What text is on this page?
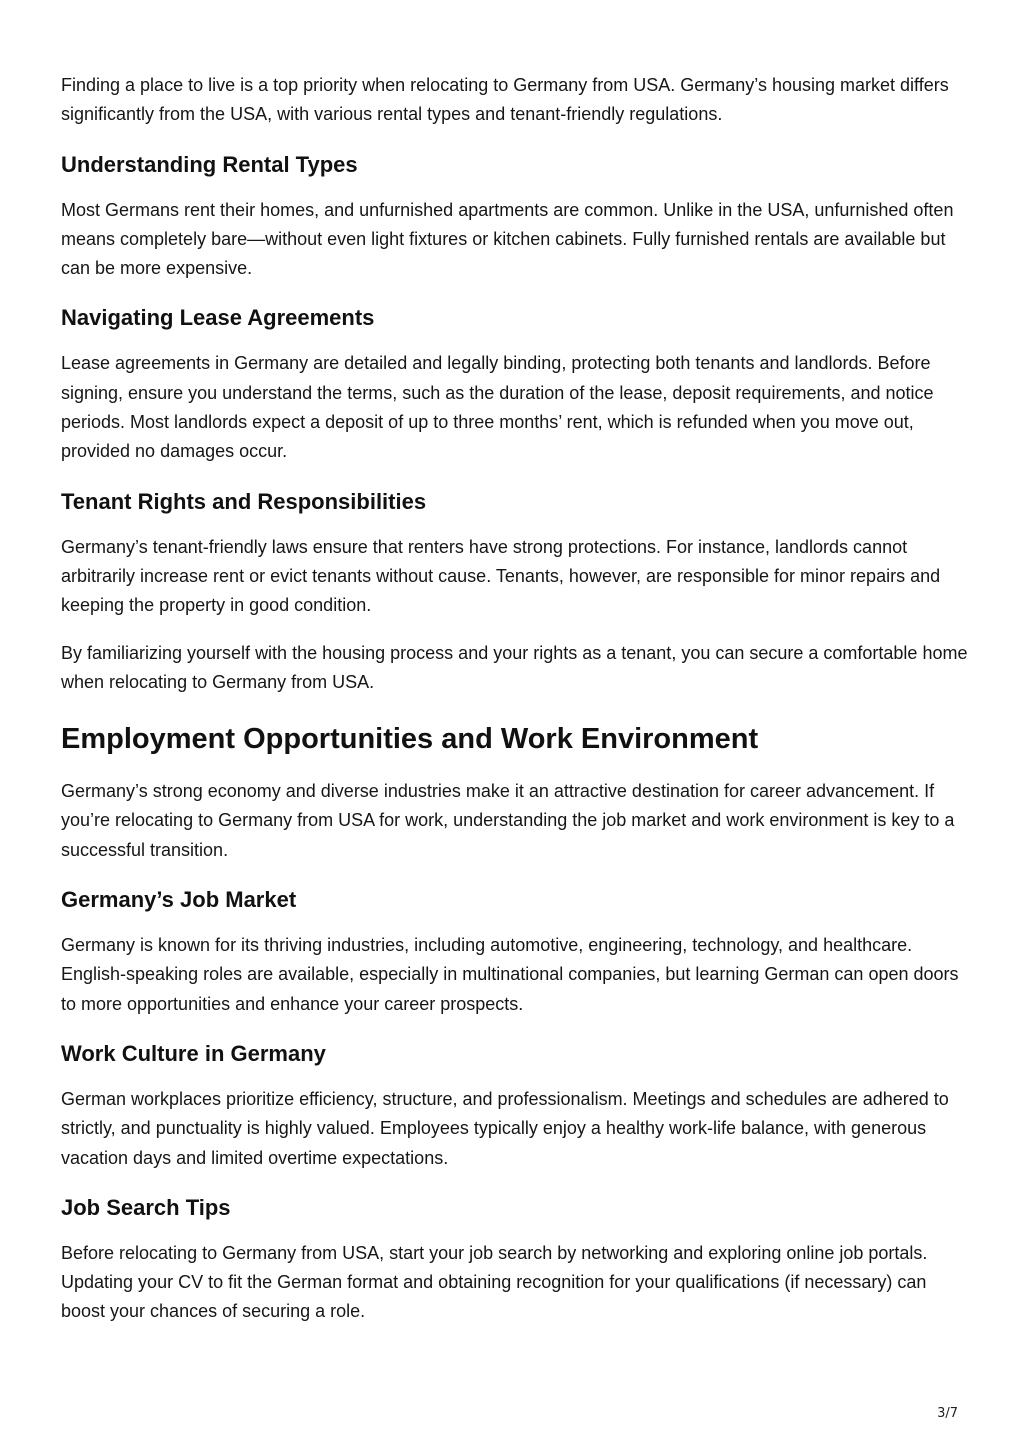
Finding a place to live is a top priority when relocating to Germany from USA. Germany’s housing market differs significantly from the USA, with various rental types and tenant-friendly regulations.

Understanding Rental Types

Most Germans rent their homes, and unfurnished apartments are common. Unlike in the USA, unfurnished often means completely bare—without even light fixtures or kitchen cabinets. Fully furnished rentals are available but can be more expensive.

Navigating Lease Agreements

Lease agreements in Germany are detailed and legally binding, protecting both tenants and landlords. Before signing, ensure you understand the terms, such as the duration of the lease, deposit requirements, and notice periods. Most landlords expect a deposit of up to three months’ rent, which is refunded when you move out, provided no damages occur.

Tenant Rights and Responsibilities

Germany’s tenant-friendly laws ensure that renters have strong protections. For instance, landlords cannot arbitrarily increase rent or evict tenants without cause. Tenants, however, are responsible for minor repairs and keeping the property in good condition.

By familiarizing yourself with the housing process and your rights as a tenant, you can secure a comfortable home when relocating to Germany from USA.

Employment Opportunities and Work Environment

Germany’s strong economy and diverse industries make it an attractive destination for career advancement. If you’re relocating to Germany from USA for work, understanding the job market and work environment is key to a successful transition.

Germany’s Job Market

Germany is known for its thriving industries, including automotive, engineering, technology, and healthcare. English-speaking roles are available, especially in multinational companies, but learning German can open doors to more opportunities and enhance your career prospects.

Work Culture in Germany

German workplaces prioritize efficiency, structure, and professionalism. Meetings and schedules are adhered to strictly, and punctuality is highly valued. Employees typically enjoy a healthy work-life balance, with generous vacation days and limited overtime expectations.

Job Search Tips

Before relocating to Germany from USA, start your job search by networking and exploring online job portals. Updating your CV to fit the German format and obtaining recognition for your qualifications (if necessary) can boost your chances of securing a role.

3/7
